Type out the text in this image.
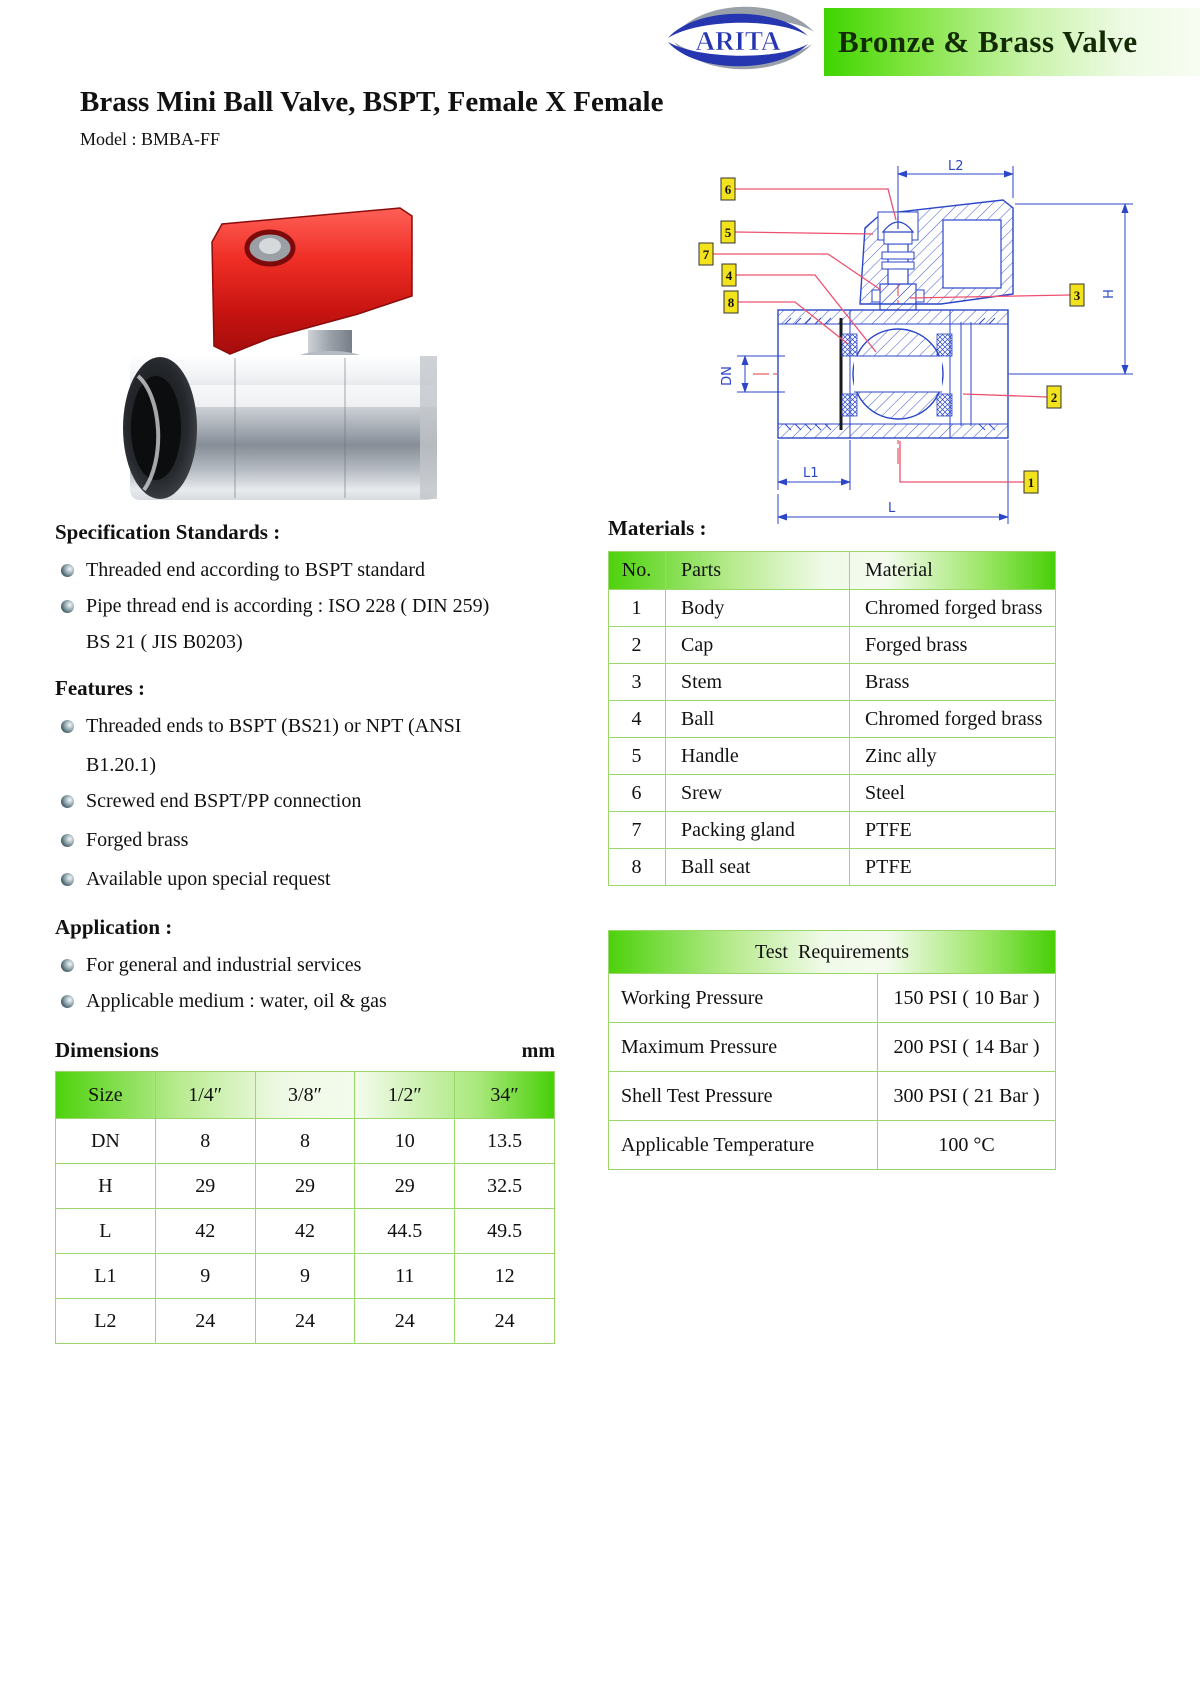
ARITA	Bronze & Brass Valve
Brass Mini Ball Valve, BSPT, Female X Female
Model : BMBA-FF
L2
H
DN
L1
L
6
5
7
4
8	3
2
1
Specification Standards :
Threaded end according to BSPT standard
Pipe thread end is according : ISO 228 ( DIN 259)
BS 21 ( JIS B0203)
Features :
Threaded ends to BSPT (BS21) or NPT (ANSI
B1.20.1)
Screwed end BSPT/PP connection
Forged brass
Available upon special request
Application :
For general and industrial services
Applicable medium : water, oil & gas
Materials :
No.	Parts	Material
1	Body	Chromed forged brass
2	Cap	Forged brass
3	Stem	Brass
4	Ball	Chromed forged brass
5	Handle	Zinc ally
6	Srew	Steel
7	Packing gland	PTFE
8	Ball seat	PTFE
Test  Requirements	
Working Pressure	150 PSI ( 10 Bar )
Maximum Pressure	200 PSI ( 14 Bar )
Shell Test Pressure	300 PSI ( 21 Bar )
Applicable Temperature	100 °C
Dimensions	mm
Size	1/4″	3/8″	1/2″	34″
DN	8	8	10	13.5
H	29	29	29	32.5
L	42	42	44.5	49.5
L1	9	9	11	12
L2	24	24	24	24
